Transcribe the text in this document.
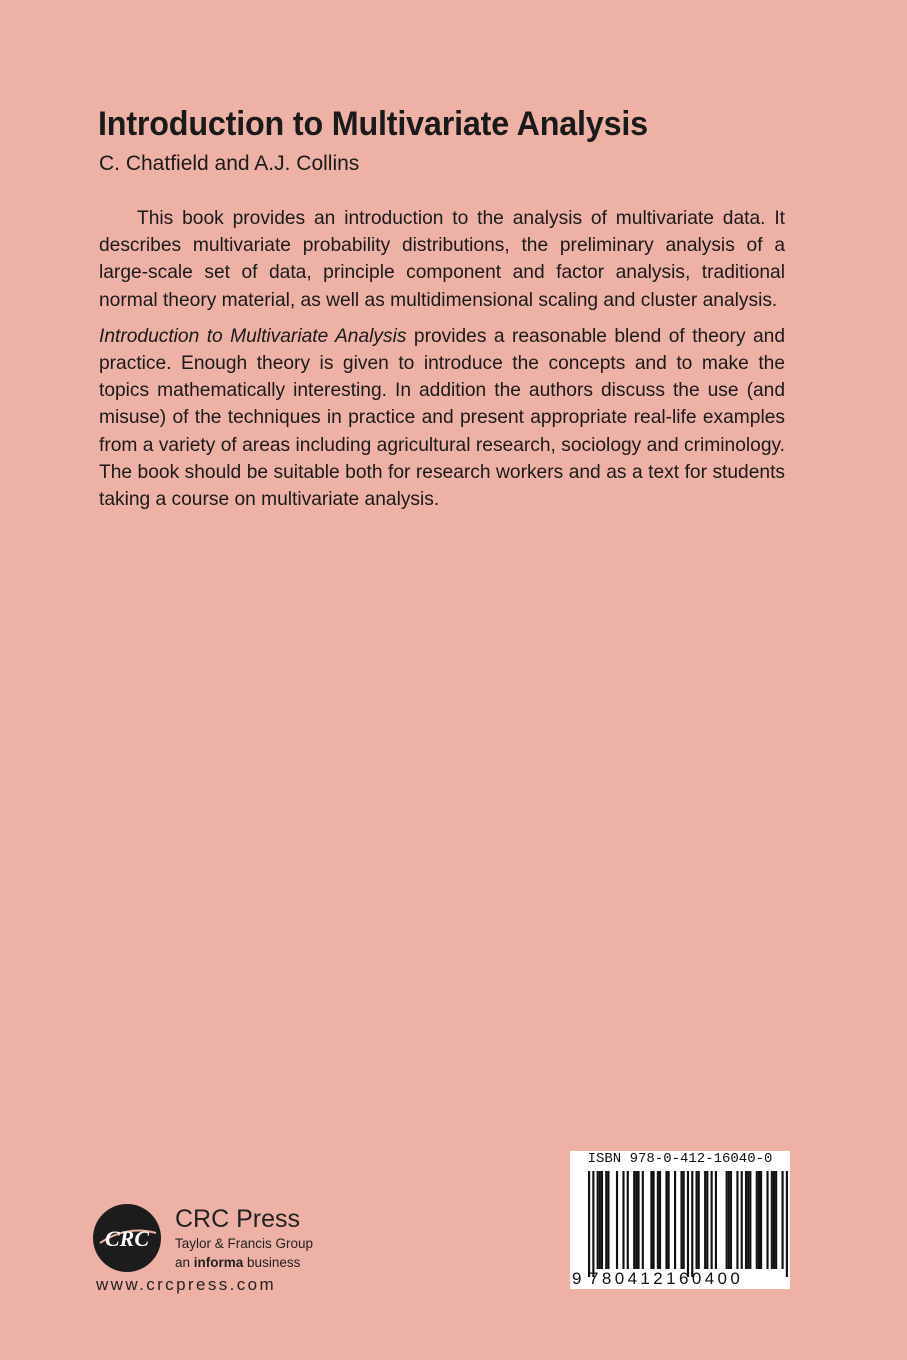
Introduction to Multivariate Analysis
C. Chatfield and A.J. Collins

This book provides an introduction to the analysis of multivariate data. It describes multivariate probability distributions, the preliminary analysis of a large-scale set of data, principle component and factor analysis, traditional normal theory material, as well as multidimensional scaling and cluster analysis.

Introduction to Multivariate Analysis provides a reasonable blend of theory and practice. Enough theory is given to introduce the concepts and to make the topics mathematically interesting. In addition the authors discuss the use (and misuse) of the techniques in practice and present appropriate real-life examples from a variety of areas including agricultural research, sociology and criminology. The book should be suitable both for research workers and as a text for students taking a course on multivariate analysis.

CRC
CRC Press
Taylor & Francis Group
an informa business
www.crcpress.com
ISBN 978-0-412-16040-0
9 780412160400
